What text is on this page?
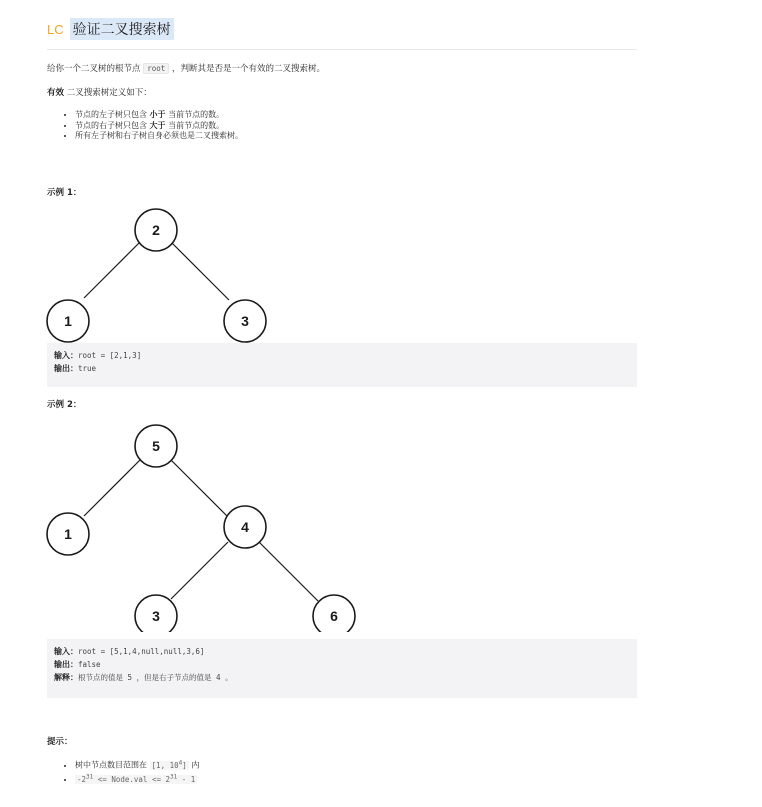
LC 验证二叉搜索树
给你一个二叉树的根节点 root ，判断其是否是一个有效的二叉搜索树。
有效 二叉搜索树定义如下：
• 节点的左子树只包含 小于 当前节点的数。
• 节点的右子树只包含 大于 当前节点的数。
• 所有左子树和右子树自身必须也是二叉搜索树。
示例 1：
2
1	3
输入：root = [2,1,3]
输出：true
示例 2：
5
1	4
3	6
输入：root = [5,1,4,null,null,3,6]
输出：false
解释：根节点的值是 5 ，但是右子节点的值是 4 。
提示：
• 树中节点数目范围在 [1, $10^4$] 内
• $-2^{31}$ <= Node.val <= $2^{31} - 1$
